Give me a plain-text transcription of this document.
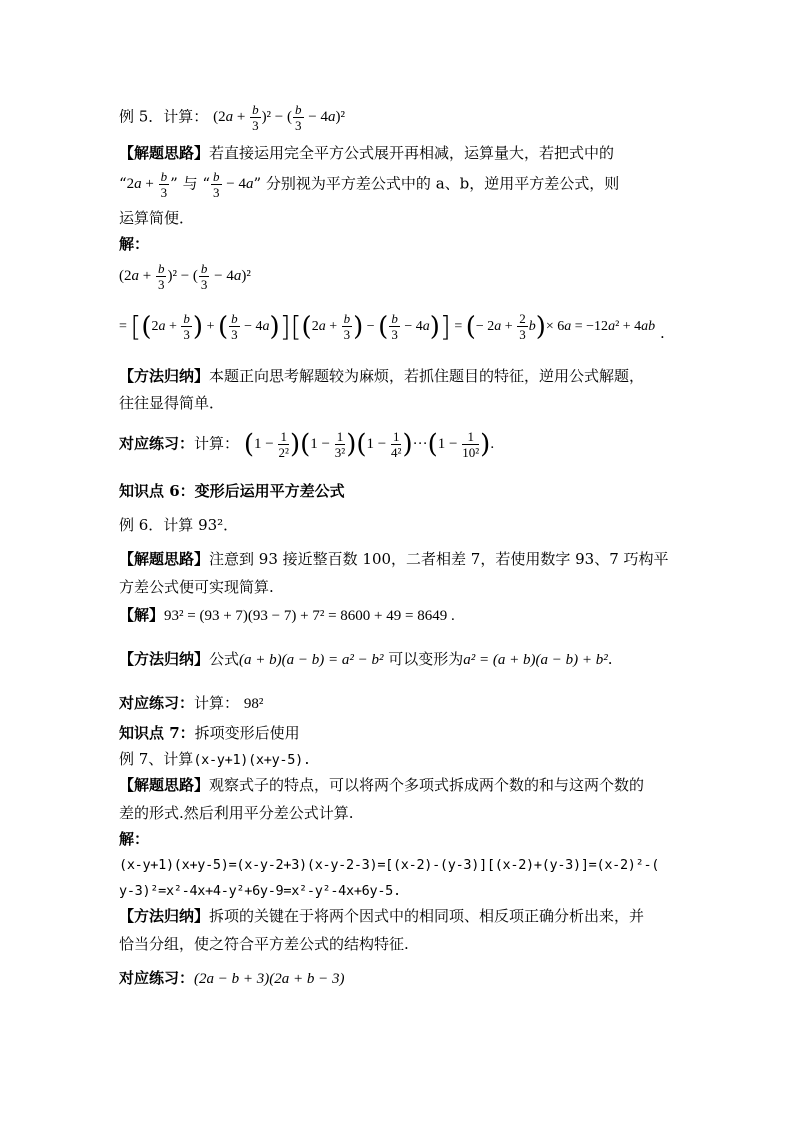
例 5．计算： $(2a + \frac{b}{3} )^2$ − ( $\frac{b}{3} - 4a)^2$
【解题思路】若直接运用完全平方公式展开再相减，运算量大，若把式中的
“$2a + \frac{b}{3}$ ” 与 “ $\frac{b}{3} - 4a$” 分别视为平方差公式中的 a、b，逆用平方差公式，则
运算简便．
解：
$(2a + \frac{b}{3} )^2$ − ( $\frac{b}{3} - 4a)^2$
= [($2a + \frac{b}{3}$ ) + ( $\frac{b}{3} - 4a)][(2a + \frac{b}{3}$ ) − ( $\frac{b}{3} - 4a$)] = (− $2a + \frac{2}{3} b)\times 6a = -12a^2 + 4ab$ .
【方法归纳】本题正向思考解题较为麻烦，若抓住题目的特征，逆用公式解题，
往往显得简单．
对应练习：计算： $(1 - \frac{1}{\text{2²}} )(1 - \frac{1}{\text{3²}} )(1 - \frac{1}{\text{4²}} )\cdot\cdot\cdot(1 - \frac{1}{\text{10²}}$ ).
知识点 6：变形后运用平方差公式
例 6．计算 93²．
【解题思路】注意到 93 接近整百数 100，二者相差 7，若使用数字 93、7 巧构平
方差公式便可实现简算.
【解】93² = (93 + 7)(93 − 7) + 7² = 8600 + 49 = 8649 .
【方法归纳】公式(a + b)(a − b) = a² − b² 可以变形为a² = (a + b)(a − b) + b².
对应练习：计算： 98²
知识点 7：拆项变形后使用
例 7、计算(x-y+1)(x+y-5).
【解题思路】观察式子的特点，可以将两个多项式拆成两个数的和与这两个数的
差的形式.然后利用平分差公式计算.
解：
(x-y+1)(x+y-5)=(x-y-2+3)(x-y-2-3)=[(x-2)-(y-3)][(x-2)+(y-3)]=(x-2)²-(
y-3)²=x²-4x+4-y²+6y-9=x²-y²-4x+6y-5.
【方法归纳】拆项的关键在于将两个因式中的相同项、相反项正确分析出来，并
恰当分组，使之符合平方差公式的结构特征.
对应练习：(2a − b + 3)(2a + b − 3)
